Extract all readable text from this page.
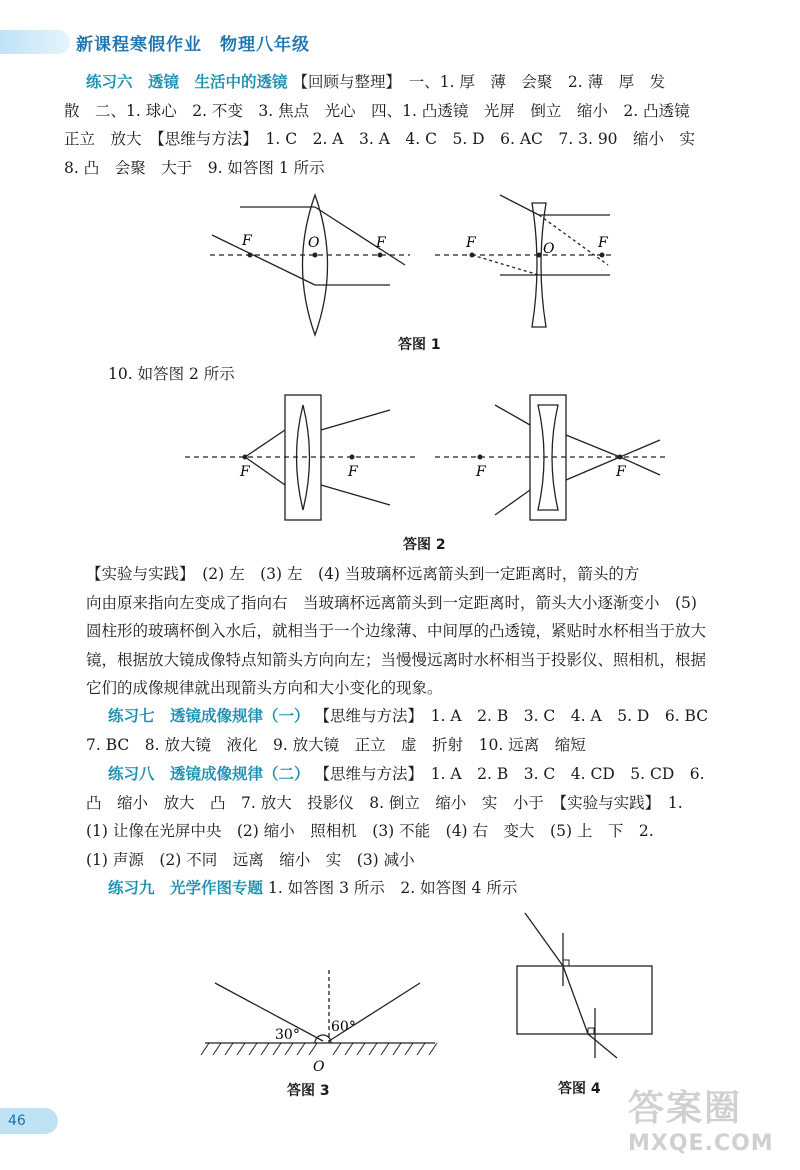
新课程寒假作业　物理八年级
练习六　透镜　生活中的透镜 【回顾与整理】　一、1. 厚　薄　会聚　2. 薄　厚　发
散　二、1. 球心　2. 不变　3. 焦点　光心　四、1. 凸透镜　光屏　倒立　缩小　2. 凸透镜
正立　放大　【思维与方法】　1. C　2. A　3. A　4. C　5. D　6. AC　7. 3. 90　缩小　实
8. 凸　会聚　大于　9. 如答图 1 所示
F	O	F	F	O	F
答图 1
10. 如答图 2 所示
F	F	F	F
答图 2
【实验与实践】　(2) 左　(3) 左　(4) 当玻璃杯远离箭头到一定距离时，箭头的方
向由原来指向左变成了指向右　当玻璃杯远离箭头到一定距离时，箭头大小逐渐变小　(5)
圆柱形的玻璃杯倒入水后，就相当于一个边缘薄、中间厚的凸透镜，紧贴时水杯相当于放大
镜，根据放大镜成像特点知箭头方向向左；当慢慢远离时水杯相当于投影仪、照相机，根据
它们的成像规律就出现箭头方向和大小变化的现象。
练习七　透镜成像规律（一） 【思维与方法】　1. A　2. B　3. C　4. A　5. D　6. BC
7. BC　8. 放大镜　液化　9. 放大镜　正立　虚　折射　10. 远离　缩短
练习八　透镜成像规律（二） 【思维与方法】　1. A　2. B　3. C　4. CD　5. CD　6.
凸　缩小　放大　凸　7. 放大　投影仪　8. 倒立　缩小　实　小于　【实验与实践】　1.
(1) 让像在光屏中央　(2) 缩小　照相机　(3) 不能　(4) 右　变大　(5) 上　下　2.
(1) 声源　(2) 不同　远离　缩小　实　(3) 减小
练习九　光学作图专题 1. 如答图 3 所示　2. 如答图 4 所示
30° 60°
O
答图 3	答图 4
46	答案圈
MXQE.COM
